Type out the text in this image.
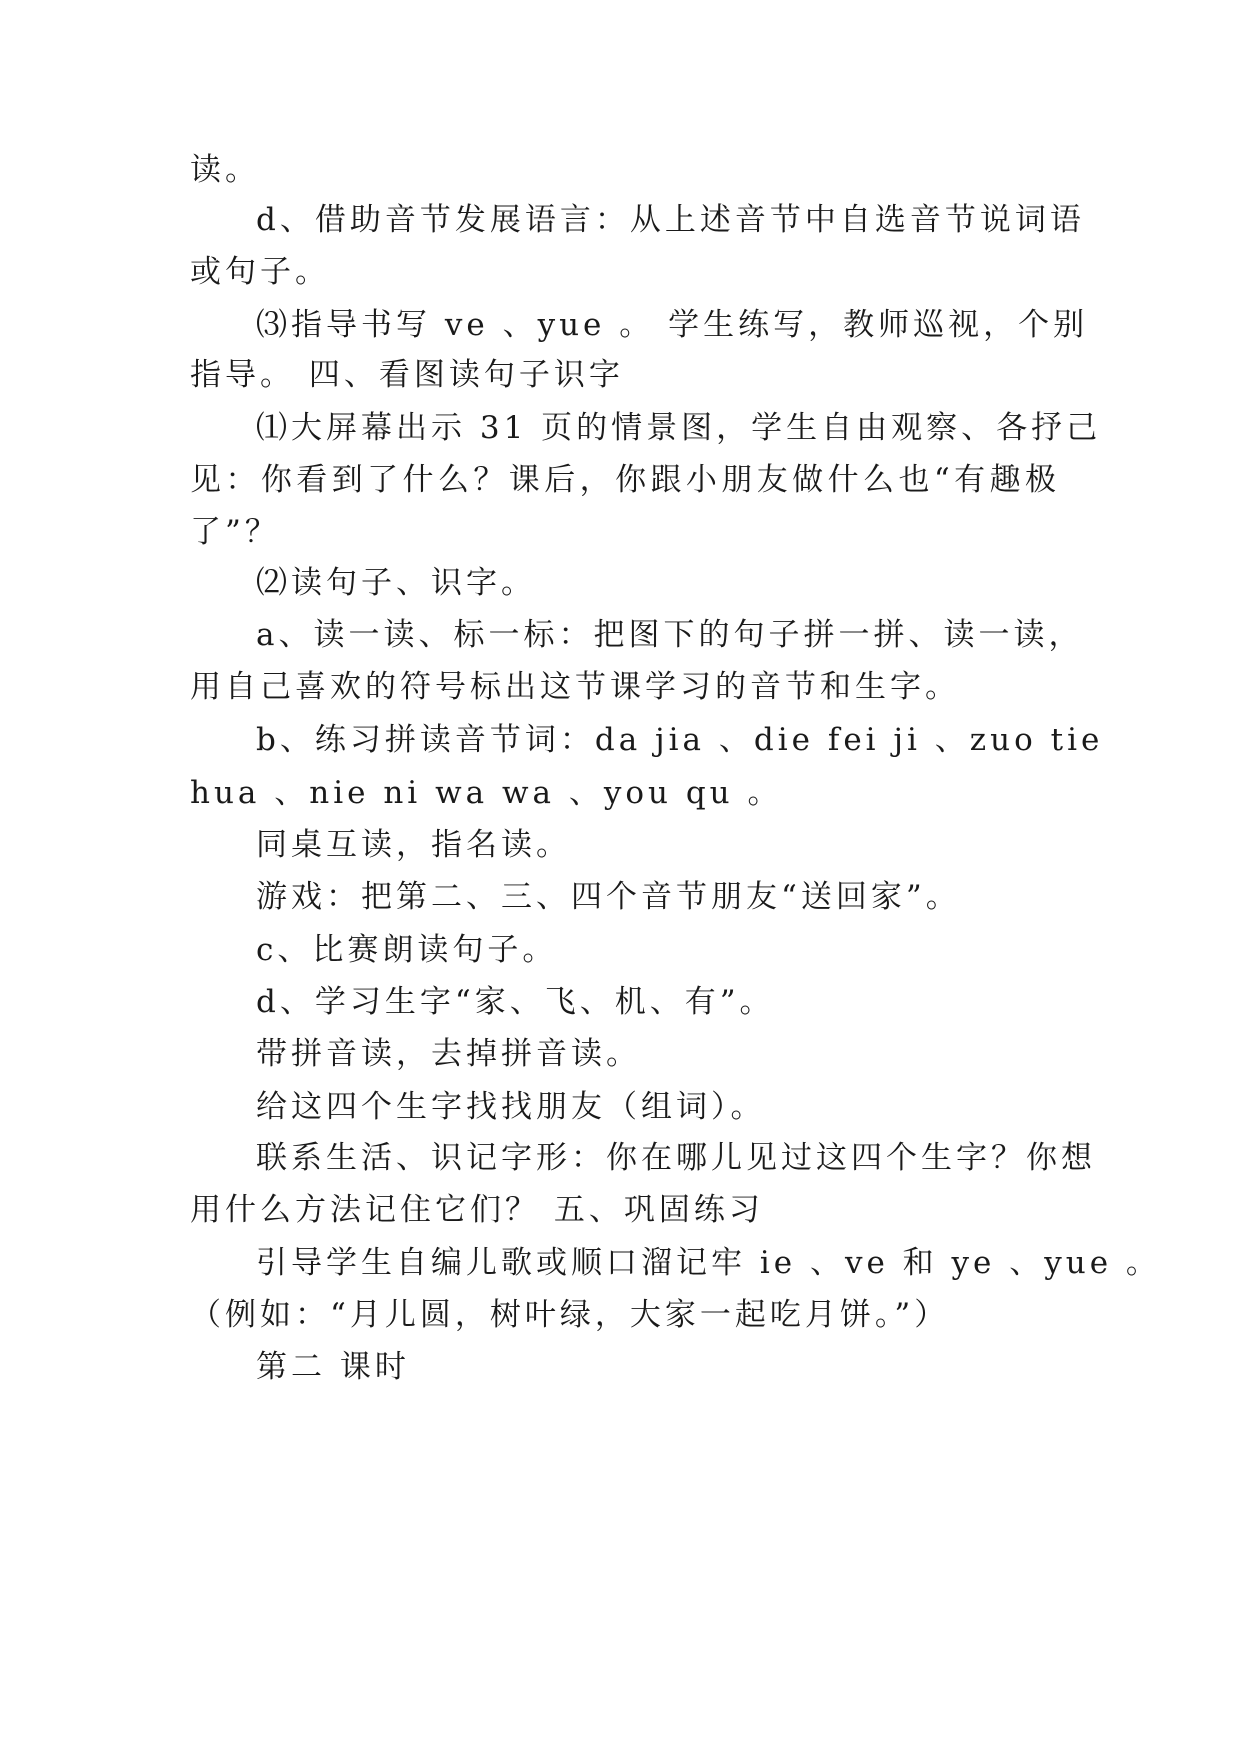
读。
d、借助音节发展语言：从上述音节中自选音节说词语
或句子。
⑶指导书写 ve 、yue 。 学生练写，教师巡视，个别
指导。 四、看图读句子识字
⑴大屏幕出示 31 页的情景图，学生自由观察、各抒己
见：你看到了什么？课后，你跟小朋友做什么也“有趣极
了”？
⑵读句子、识字。
a、读一读、标一标：把图下的句子拼一拼、读一读，
用自己喜欢的符号标出这节课学习的音节和生字。
b、练习拼读音节词：da jia 、die fei ji 、zuo tie
hua 、nie ni wa wa 、you qu 。
同桌互读，指名读。
游戏：把第二、三、四个音节朋友“送回家”。
c、比赛朗读句子。
d、学习生字“家、飞、机、有”。
带拼音读，去掉拼音读。
给这四个生字找找朋友（组词）。
联系生活、识记字形：你在哪儿见过这四个生字？你想
用什么方法记住它们？ 五、巩固练习
引导学生自编儿歌或顺口溜记牢 ie 、ve 和 ye 、yue 。
（例如：“月儿圆，树叶绿，大家一起吃月饼。”）
第二 课时
